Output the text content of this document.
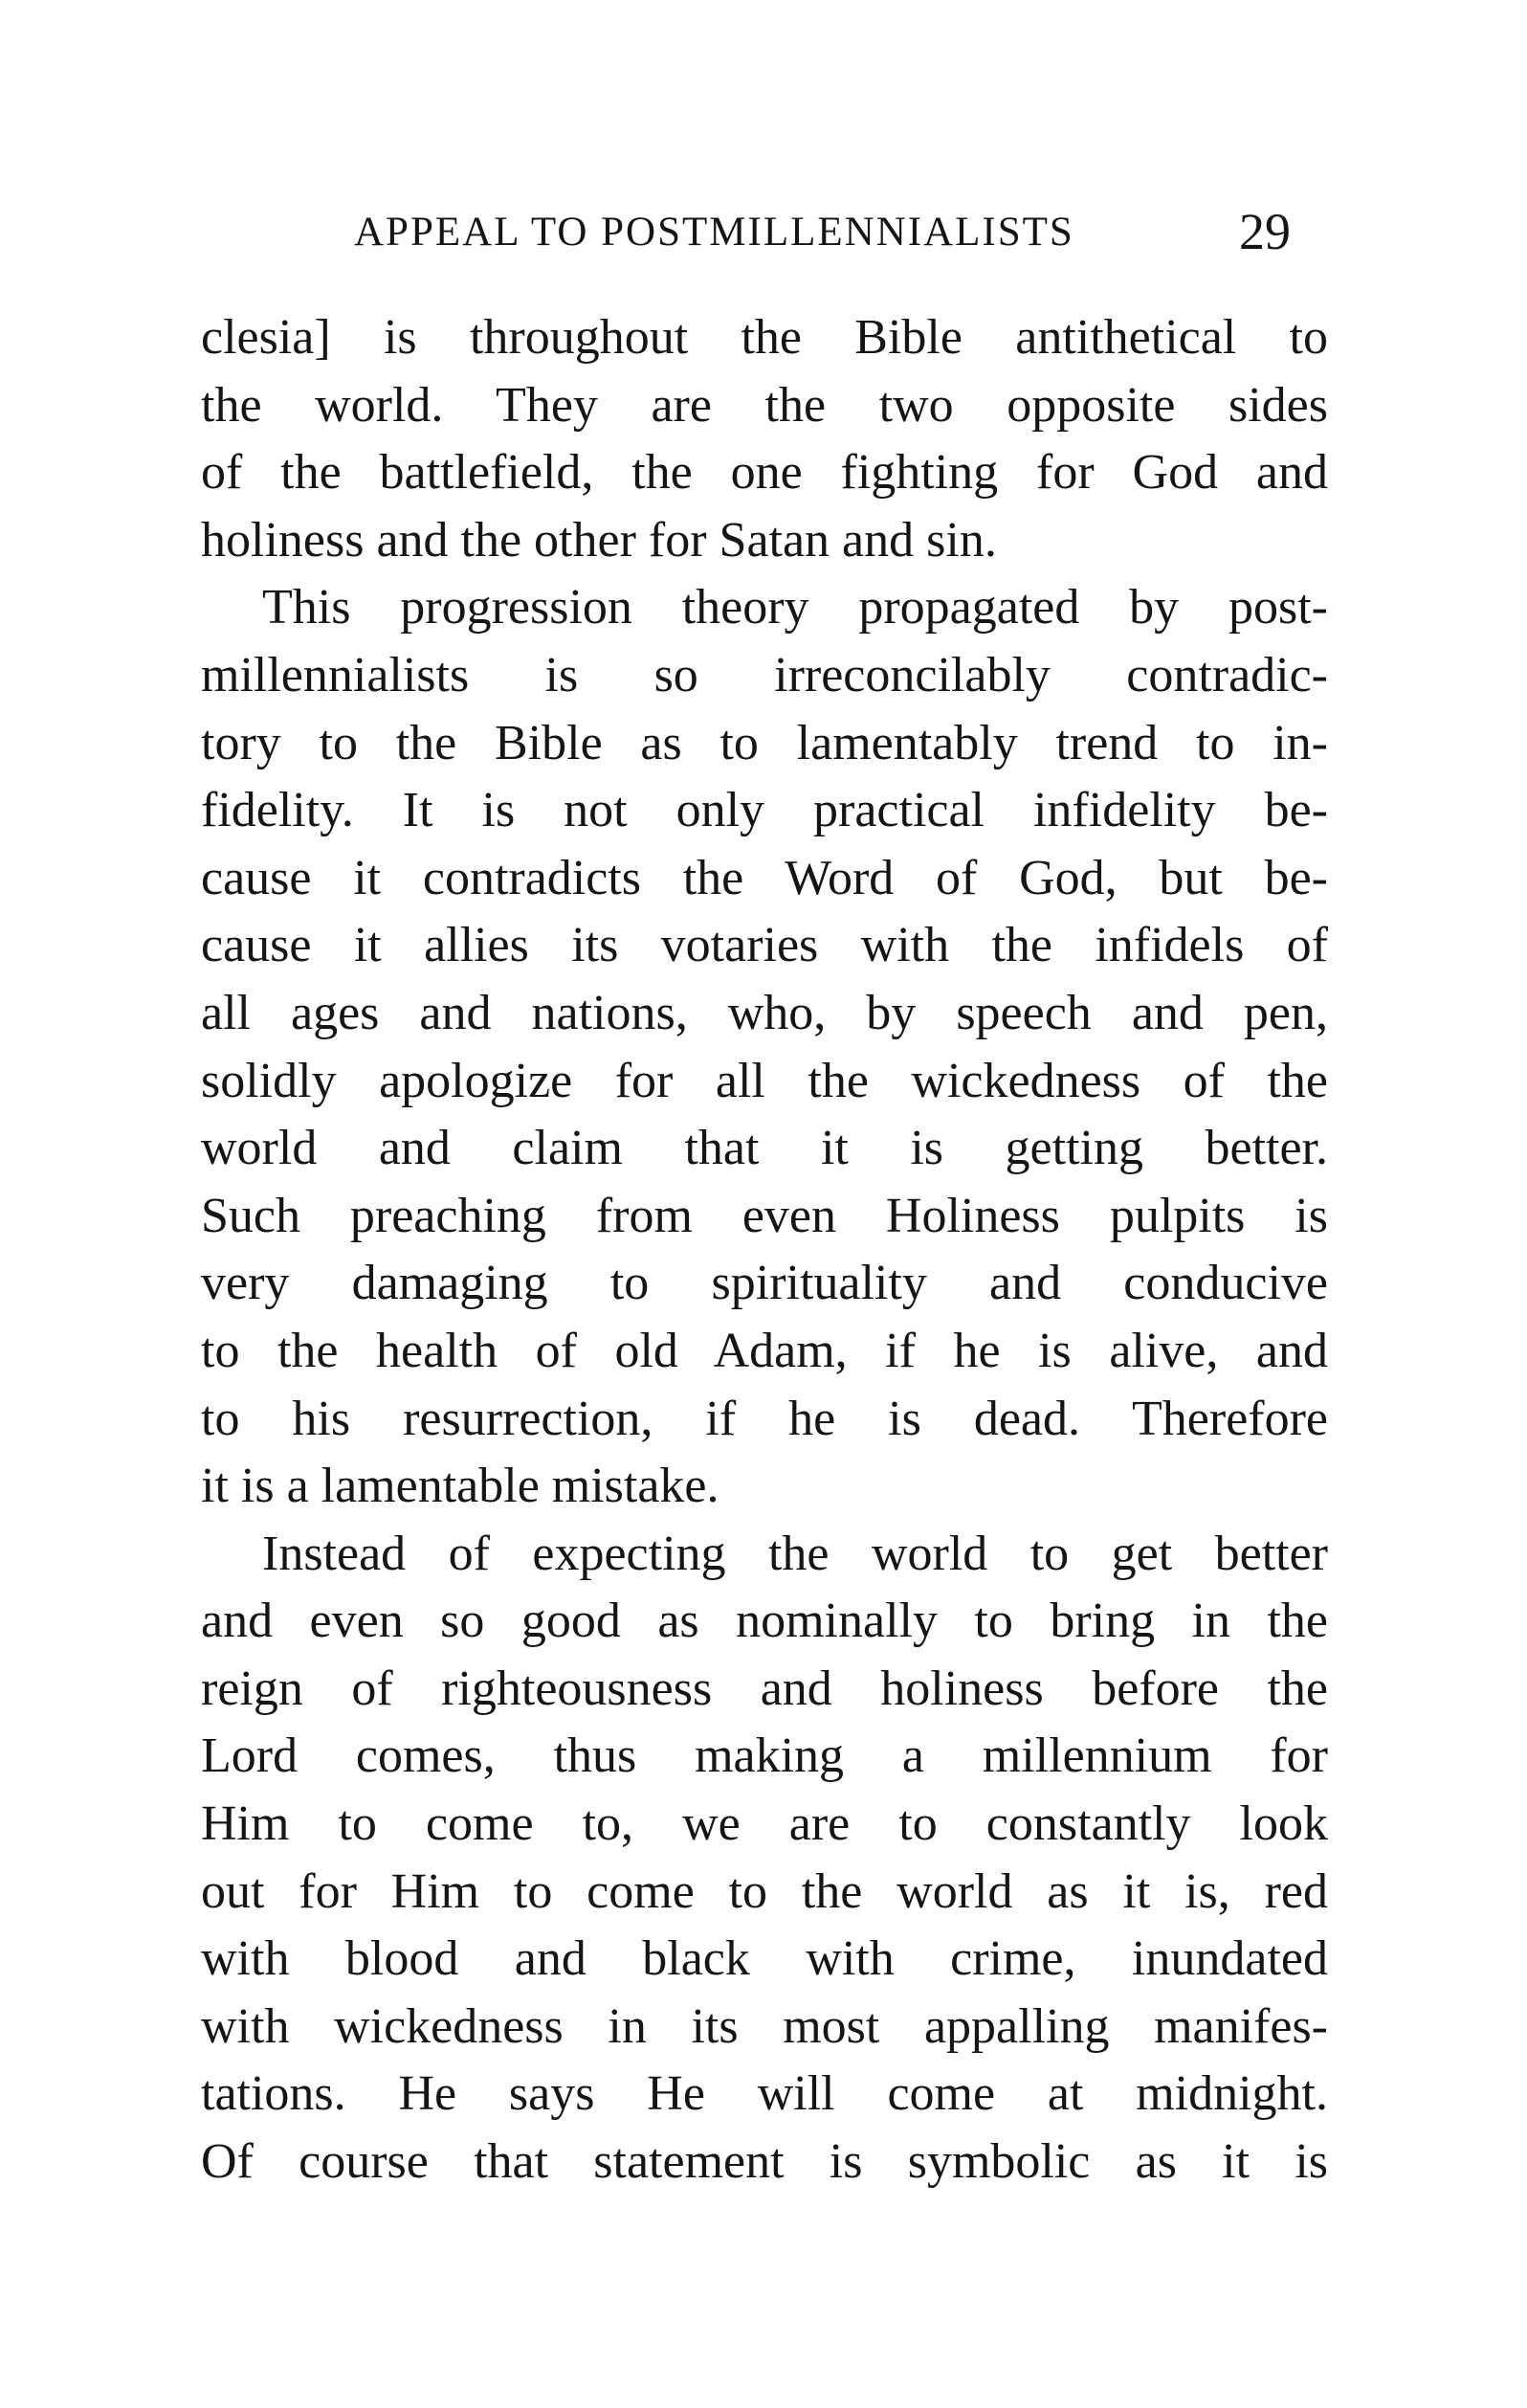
APPEAL TO POSTMILLENNIALISTS	29
clesia] is throughout the Bible antithetical to
the world. They are the two opposite sides
of the battlefield, the one fighting for God and
holiness and the other for Satan and sin.
This progression theory propagated by post-
millennialists is so irreconcilably contradic-
tory to the Bible as to lamentably trend to in-
fidelity. It is not only practical infidelity be-
cause it contradicts the Word of God, but be-
cause it allies its votaries with the infidels of
all ages and nations, who, by speech and pen,
solidly apologize for all the wickedness of the
world and claim that it is getting better.
Such preaching from even Holiness pulpits is
very damaging to spirituality and conducive
to the health of old Adam, if he is alive, and
to his resurrection, if he is dead. Therefore
it is a lamentable mistake.
Instead of expecting the world to get better
and even so good as nominally to bring in the
reign of righteousness and holiness before the
Lord comes, thus making a millennium for
Him to come to, we are to constantly look
out for Him to come to the world as it is, red
with blood and black with crime, inundated
with wickedness in its most appalling manifes-
tations. He says He will come at midnight.
Of course that statement is symbolic as it is
